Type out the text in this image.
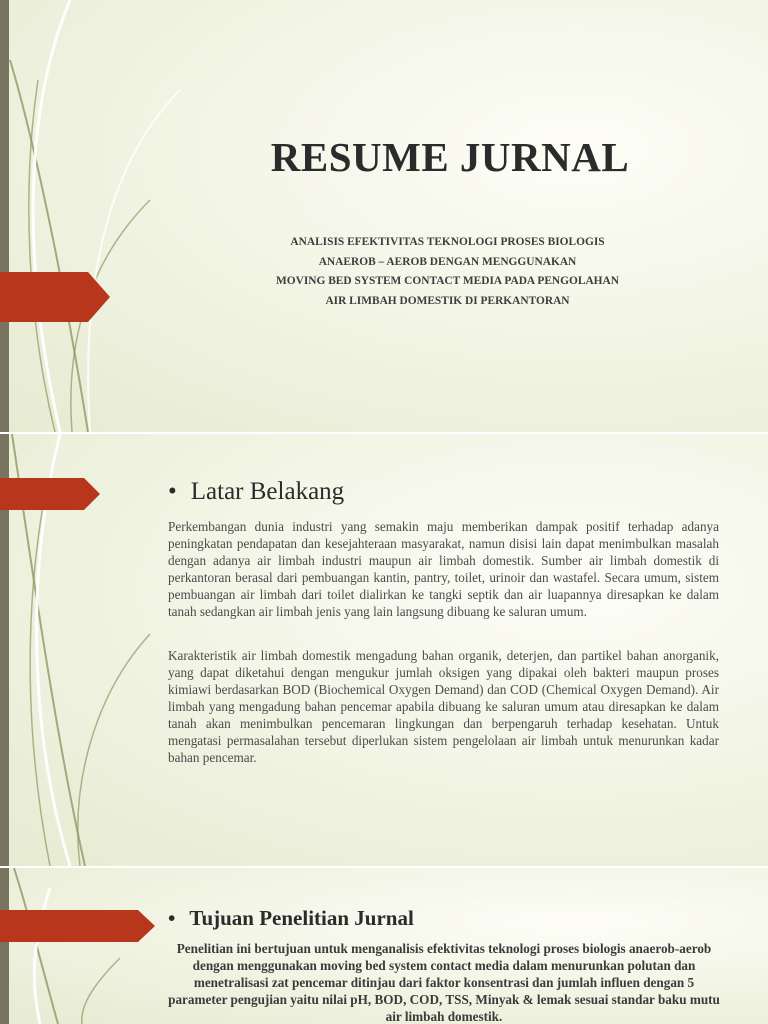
RESUME JURNAL
ANALISIS EFEKTIVITAS TEKNOLOGI PROSES BIOLOGIS
ANAEROB – AEROB DENGAN MENGGUNAKAN
MOVING BED SYSTEM CONTACT MEDIA PADA PENGOLAHAN
AIR LIMBAH DOMESTIK DI PERKANTORAN
• Latar Belakang

Perkembangan dunia industri yang semakin maju memberikan dampak positif terhadap adanya peningkatan pendapatan dan kesejahteraan masyarakat, namun disisi lain dapat menimbulkan masalah dengan adanya air limbah industri maupun air limbah domestik. Sumber air limbah domestik di perkantoran berasal dari pembuangan kantin, pantry, toilet, urinoir dan wastafel. Secara umum, sistem pembuangan air limbah dari toilet dialirkan ke tangki septik dan air luapannya diresapkan ke dalam tanah sedangkan air limbah jenis yang lain langsung dibuang ke saluran umum.

Karakteristik air limbah domestik mengadung bahan organik, deterjen, dan partikel bahan anorganik, yang dapat diketahui dengan mengukur jumlah oksigen yang dipakai oleh bakteri maupun proses kimiawi berdasarkan BOD (Biochemical Oxygen Demand) dan COD (Chemical Oxygen Demand). Air limbah yang mengadung bahan pencemar apabila dibuang ke saluran umum atau diresapkan ke dalam tanah akan menimbulkan pencemaran lingkungan dan berpengaruh terhadap kesehatan. Untuk mengatasi permasalahan tersebut diperlukan sistem pengelolaan air limbah untuk menurunkan kadar bahan pencemar.

• Tujuan Penelitian Jurnal

Penelitian ini bertujuan untuk menganalisis efektivitas teknologi proses biologis anaerob-aerob dengan menggunakan moving bed system contact media dalam menurunkan polutan dan menetralisasi zat pencemar ditinjau dari faktor konsentrasi dan jumlah influen dengan 5 parameter pengujian yaitu nilai pH, BOD, COD, TSS, Minyak & lemak sesuai standar baku mutu air limbah domestik.
